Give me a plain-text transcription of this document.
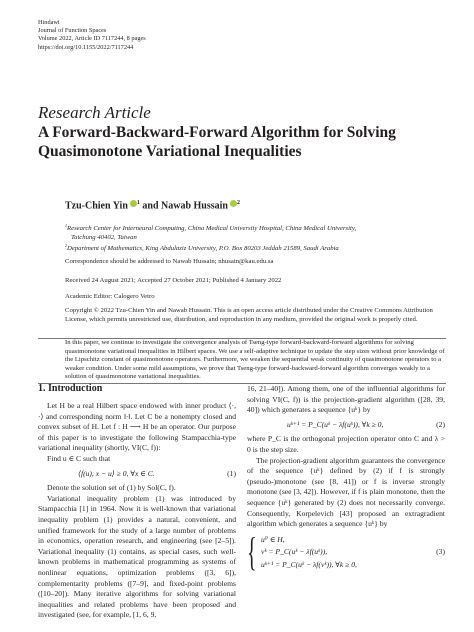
Hindawi
Journal of Function Spaces
Volume 2022, Article ID 7117244, 8 pages
https://doi.org/10.1155/2022/7117244
Research Article
A Forward-Backward-Forward Algorithm for Solving
Quasimonotone Variational Inequalities
Tzu-Chien Yin $^1$ and Nawab Hussain $^2$
$^1$Research Center for Interneural Computing, China Medical University Hospital, China Medical University,
Taichung 40402, Taiwan
$^2$Department of Mathematics, King Abdulaziz University, P.O. Box 80203 Jeddah 21589, Saudi Arabia
Correspondence should be addressed to Nawab Hussain; nhusain@kau.edu.sa
Received 24 August 2021; Accepted 27 October 2021; Published 4 January 2022
Academic Editor: Calogero Vetro
Copyright © 2022 Tzu-Chien Yin and Nawab Hussain. This is an open access article distributed under the Creative Commons Attribution License, which permits unrestricted use, distribution, and reproduction in any medium, provided the original work is properly cited.
In this paper, we continue to investigate the convergence analysis of Tseng-type forward-backward-forward algorithms for solving quasimonotone variational inequalities in Hilbert spaces. We use a self-adaptive technique to update the step sizes without prior knowledge of the Lipschitz constant of quasimonotone operators. Furthermore, we weaken the sequential weak continuity of quasimonotone operators to a weaker condition. Under some mild assumptions, we prove that Tseng-type forward-backward-forward algorithm converges weakly to a solution of quasimonotone variational inequalities.
1. Introduction

Let H be a real Hilbert space endowed with inner product ⟨·, ·⟩ and corresponding norm ‖·‖. Let C be a nonempty closed and convex subset of H. Let f : H ⟶ H be an operator. Our purpose of this paper is to investigate the following Stampacchia-type variational inequality (shortly, VI(C, f)):

Find u ∈ C such that

⟨f(u), x − u⟩ ≥ 0, ∀x ∈ C.	(1)

Denote the solution set of (1) by Sol(C, f).

Variational inequality problem (1) was introduced by Stampacchia [1] in 1964. Now it is well-known that variational inequality problem (1) provides a natural, convenient, and unified framework for the study of a large number of problems in economics, operation research, and engineering (see [2–5]). Variational inequality (1) contains, as special cases, such well-known problems in mathematical programming as systems of nonlinear equations, optimization problems ([3, 6]), complementarity problems ([7–9], and fixed-point problems ([10–20]). Many iterative algorithms for solving variational inequalities and related problems have been proposed and investigated (see, for example, [1, 6, 9,

16, 21–40]). Among them, one of the influential algorithms for solving VI(C, f)) is the projection-gradient algorithm ([28, 39, 40]) which generates a sequence {uᵏ} by

uᵏ⁺¹ = P_C(uᵏ − λf(uᵏ)), ∀k ≥ 0,	(2)

where P_C is the orthogonal projection operator onto C and λ > 0 is the step size.

The projection-gradient algorithm guarantees the convergence of the sequence {uᵏ} defined by (2) if f is strongly (pseudo-)monotone (see [8, 41]) or f is inverse strongly monotone (see [3, 42]). However, if f is plain monotone, then the sequence {uᵏ} generated by (2) does not necessarily converge. Consequently, Korpelevich [43] proposed an extragradient algorithm which generates a sequence {uᵏ} by

{ u⁰ ∈ H,
vᵏ = P_C(uᵏ − λf(uᵏ)),
uᵏ⁺¹ = P_C(uᵏ − λf(vᵏ)), ∀k ≥ 0,
(3)
